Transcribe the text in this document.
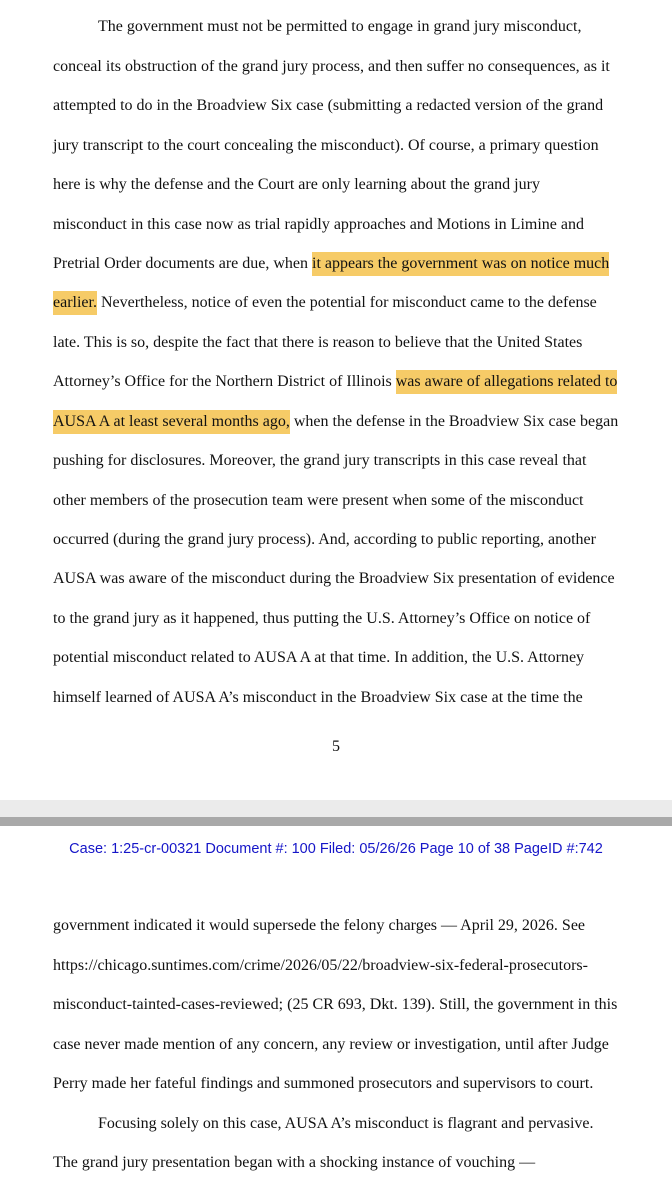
The government must not be permitted to engage in grand jury misconduct,
conceal its obstruction of the grand jury process, and then suffer no consequences, as it
attempted to do in the Broadview Six case (submitting a redacted version of the grand
jury transcript to the court concealing the misconduct). Of course, a primary question
here is why the defense and the Court are only learning about the grand jury
misconduct in this case now as trial rapidly approaches and Motions in Limine and
Pretrial Order documents are due, when it appears the government was on notice much
earlier. Nevertheless, notice of even the potential for misconduct came to the defense
late. This is so, despite the fact that there is reason to believe that the United States
Attorney’s Office for the Northern District of Illinois was aware of allegations related to
AUSA A at least several months ago, when the defense in the Broadview Six case began
pushing for disclosures. Moreover, the grand jury transcripts in this case reveal that
other members of the prosecution team were present when some of the misconduct
occurred (during the grand jury process). And, according to public reporting, another
AUSA was aware of the misconduct during the Broadview Six presentation of evidence
to the grand jury as it happened, thus putting the U.S. Attorney’s Office on notice of
potential misconduct related to AUSA A at that time. In addition, the U.S. Attorney
himself learned of AUSA A’s misconduct in the Broadview Six case at the time the
5
Case: 1:25-cr-00321 Document #: 100 Filed: 05/26/26 Page 10 of 38 PageID #:742
government indicated it would supersede the felony charges — April 29, 2026. See
https://chicago.suntimes.com/crime/2026/05/22/broadview-six-federal-prosecutors-
misconduct-tainted-cases-reviewed; (25 CR 693, Dkt. 139). Still, the government in this
case never made mention of any concern, any review or investigation, until after Judge
Perry made her fateful findings and summoned prosecutors and supervisors to court.
Focusing solely on this case, AUSA A’s misconduct is flagrant and pervasive.
The grand jury presentation began with a shocking instance of vouching —
